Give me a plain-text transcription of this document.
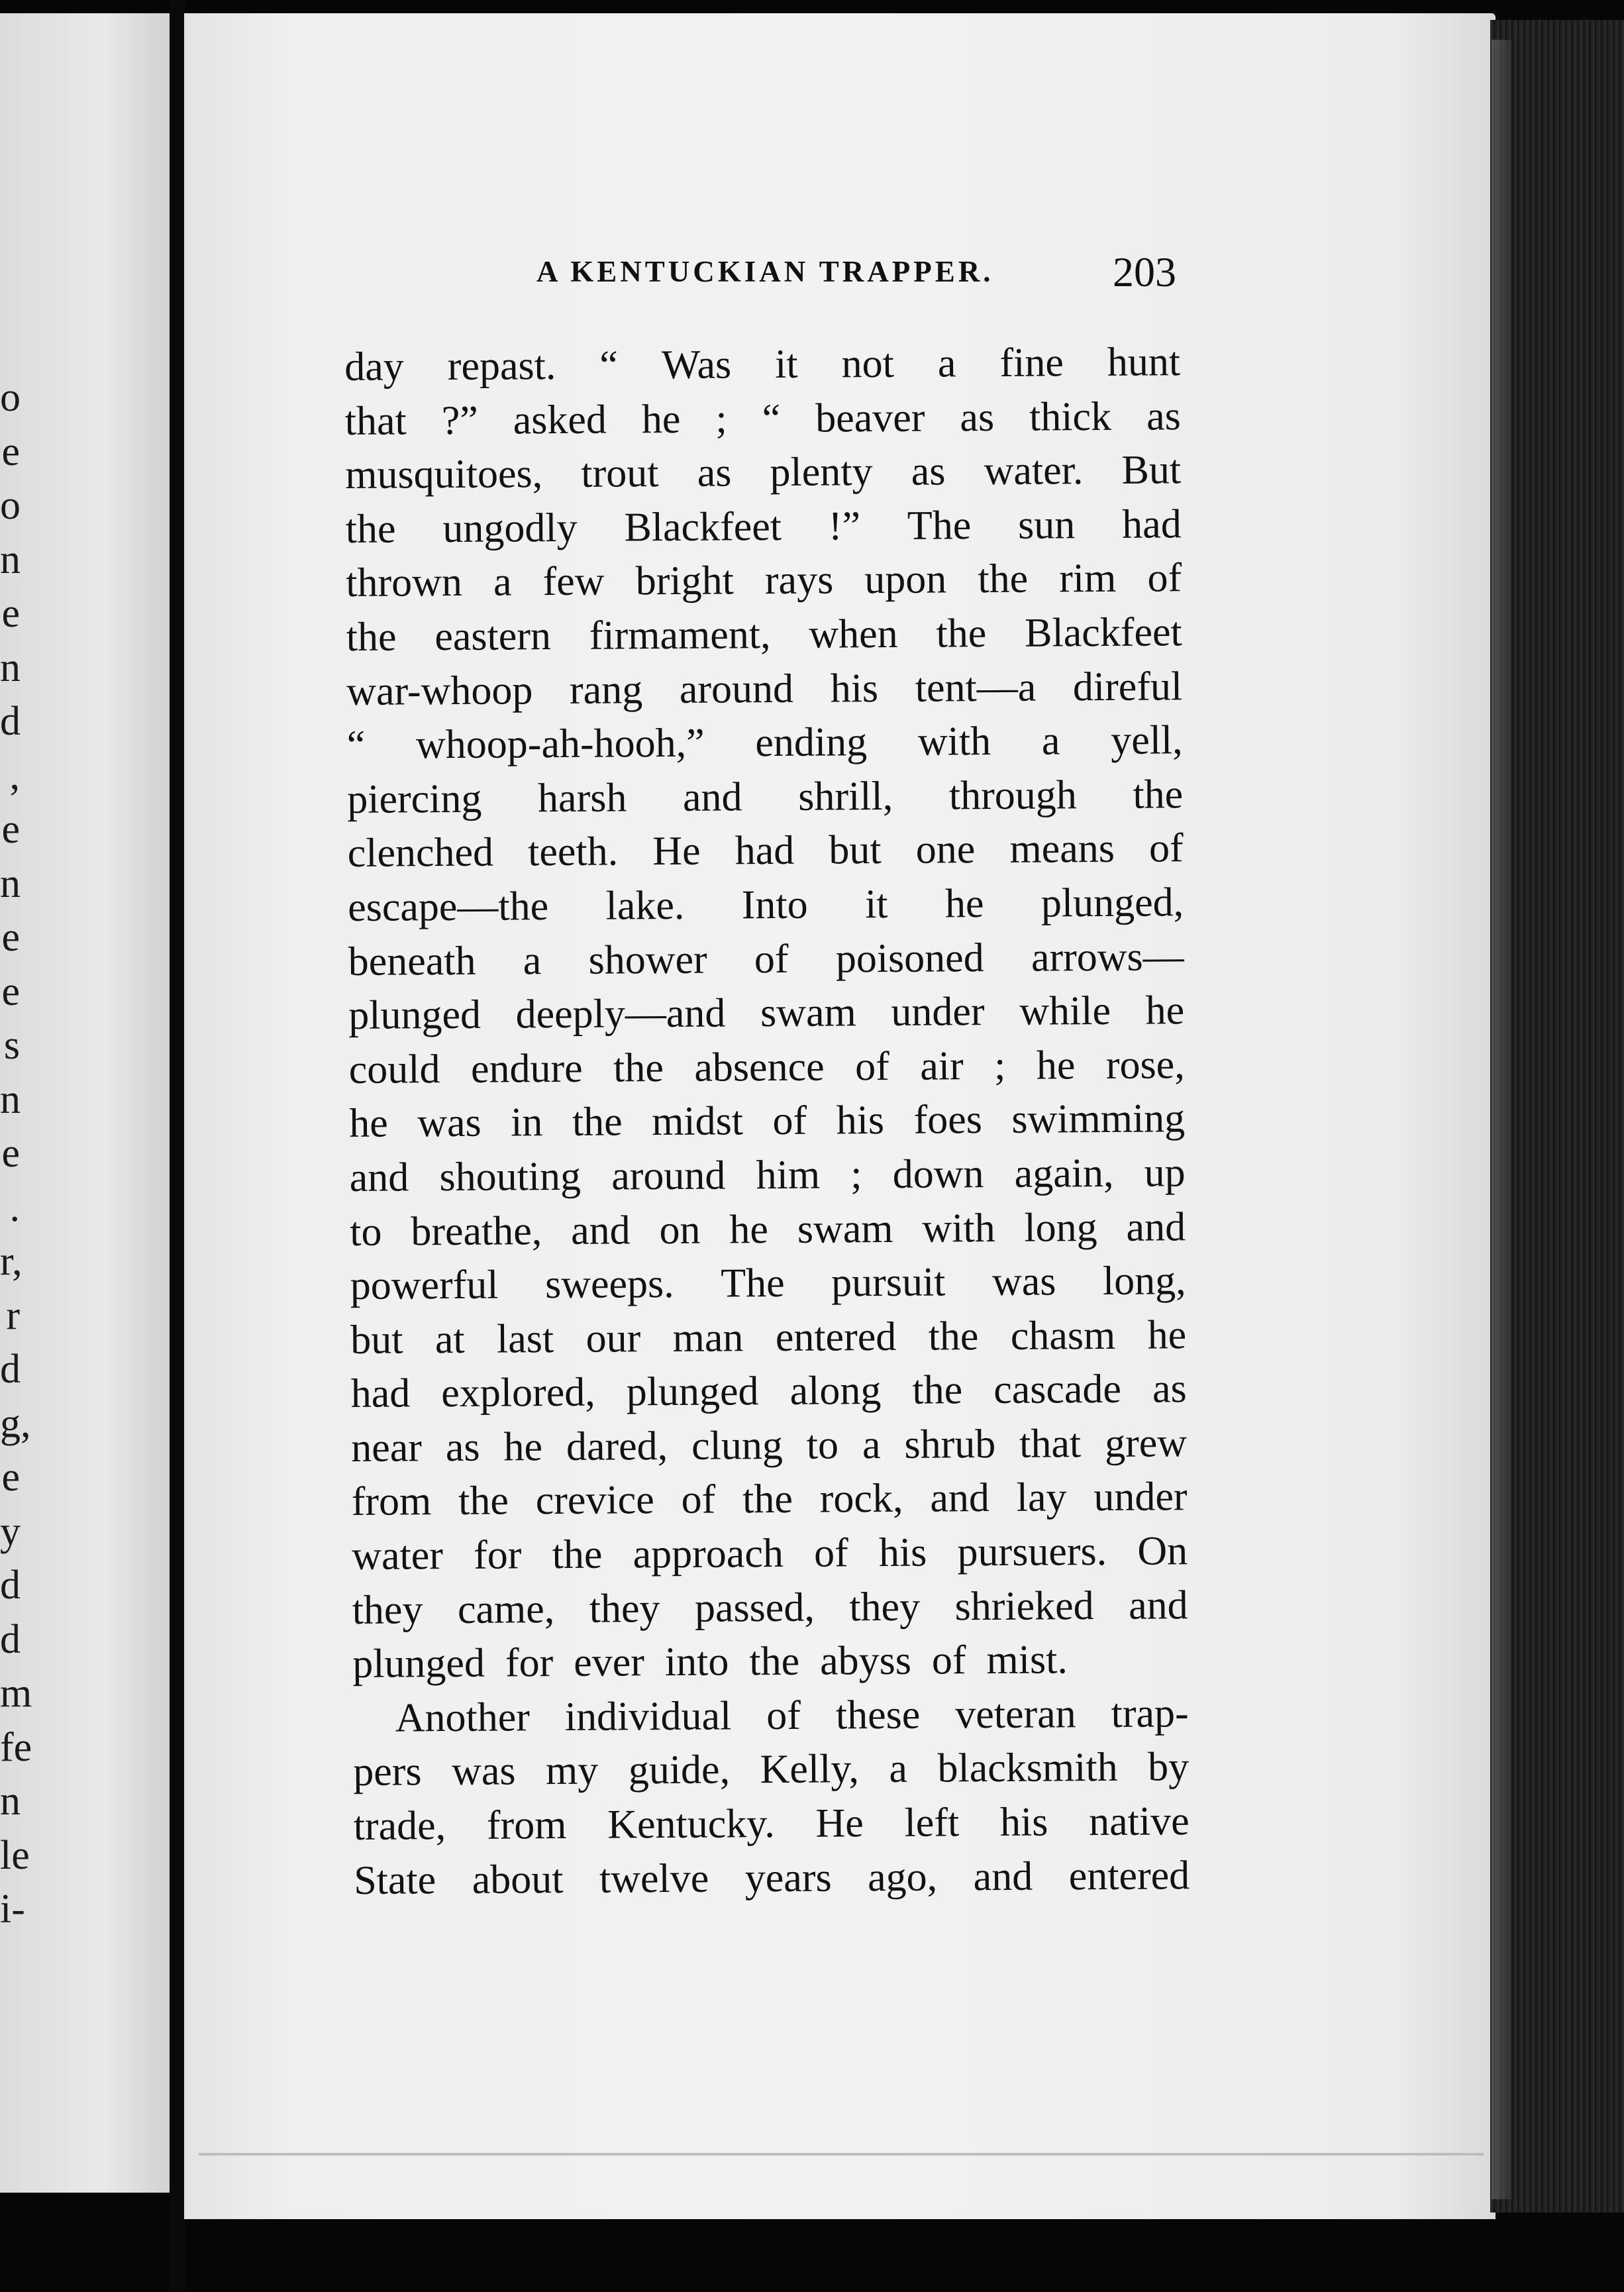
o
e
o
n
e
n
d
,
e
n
e
e
s
n
e
.
r,
r
d
g,
e
y
d
d
m
fe
n
le
i-
A KENTUCKIAN TRAPPER.	203
day repast. “ Was it not a fine hunt
that ?” asked he ; “ beaver as thick as
musquitoes, trout as plenty as water. But
the ungodly Blackfeet !” The sun had
thrown a few bright rays upon the rim of
the eastern firmament, when the Blackfeet
war-whoop rang around his tent—a direful
“ whoop-ah-hooh,” ending with a yell,
piercing harsh and shrill, through the
clenched teeth. He had but one means of
escape—the lake. Into it he plunged,
beneath a shower of poisoned arrows—
plunged deeply—and swam under while he
could endure the absence of air ; he rose,
he was in the midst of his foes swimming
and shouting around him ; down again, up
to breathe, and on he swam with long and
powerful sweeps. The pursuit was long,
but at last our man entered the chasm he
had explored, plunged along the cascade as
near as he dared, clung to a shrub that grew
from the crevice of the rock, and lay under
water for the approach of his pursuers. On
they came, they passed, they shrieked and
plunged for ever into the abyss of mist.
Another individual of these veteran trap-
pers was my guide, Kelly, a blacksmith by
trade, from Kentucky. He left his native
State about twelve years ago, and entered
